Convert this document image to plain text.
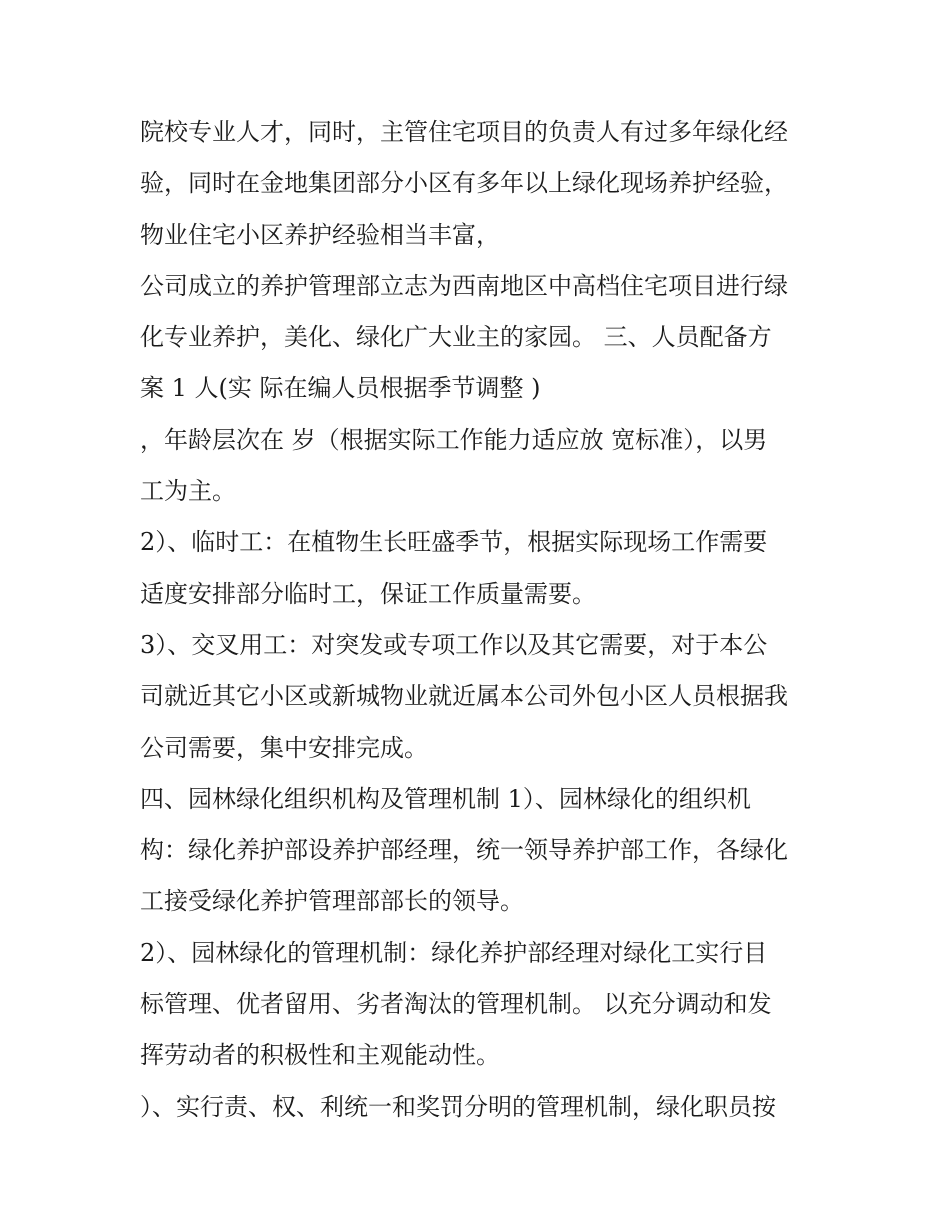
院校专业人才，同时，主管住宅项目的负责人有过多年绿化经
验，同时在金地集团部分小区有多年以上绿化现场养护经验，
物业住宅小区养护经验相当丰富，
公司成立的养护管理部立志为西南地区中高档住宅项目进行绿
化专业养护，美化、绿化广大业主的家园。 三、人员配备方
案 1 人(实 际在编人员根据季节调整 )
，年龄层次在 岁（根据实际工作能力适应放 宽标准），以男
工为主。
2）、临时工：在植物生长旺盛季节，根据实际现场工作需要
适度安排部分临时工，保证工作质量需要。
3）、交叉用工：对突发或专项工作以及其它需要，对于本公
司就近其它小区或新城物业就近属本公司外包小区人员根据我
公司需要，集中安排完成。
四、园林绿化组织机构及管理机制 1）、园林绿化的组织机
构：绿化养护部设养护部经理，统一领导养护部工作，各绿化
工接受绿化养护管理部部长的领导。
2）、园林绿化的管理机制：绿化养护部经理对绿化工实行目
标管理、优者留用、劣者淘汰的管理机制。 以充分调动和发
挥劳动者的积极性和主观能动性。
）、实行责、权、利统一和奖罚分明的管理机制，绿化职员按
